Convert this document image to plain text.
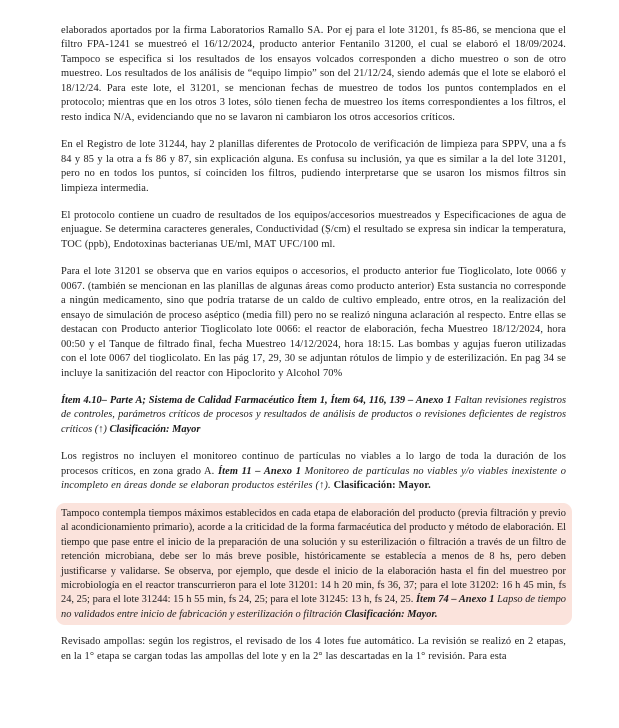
elaborados aportados por la firma Laboratorios Ramallo SA. Por ej para el lote 31201, fs 85-86, se menciona que el filtro FPA-1241 se muestreó el 16/12/2024, producto anterior Fentanilo 31200, el cual se elaboró el 18/09/2024. Tampoco se especifica si los resultados de los ensayos volcados corresponden a dicho muestreo o son de otro muestreo. Los resultados de los análisis de “equipo limpio” son del 21/12/24, siendo además que el lote se elaboró el 18/12/24. Para este lote, el 31201, se mencionan fechas de muestreo de todos los puntos contemplados en el protocolo; mientras que en los otros 3 lotes, sólo tienen fecha de muestreo los ítems correspondientes a los filtros, el resto indica N/A, evidenciando que no se lavaron ni cambiaron los otros accesorios críticos.

En el Registro de lote 31244, hay 2 planillas diferentes de Protocolo de verificación de limpieza para SPPV, una a fs 84 y 85 y la otra a fs 86 y 87, sin explicación alguna. Es confusa su inclusión, ya que es similar a la del lote 31201, pero no en todos los puntos, sí coinciden los filtros, pudiendo interpretarse que se usaron los mismos filtros sin limpieza intermedia.

El protocolo contiene un cuadro de resultados de los equipos/accesorios muestreados y Especificaciones de agua de enjuague. Se determina caracteres generales, Conductividad (Ṣ/cm) el resultado se expresa sin indicar la temperatura, TOC (ppb), Endotoxinas bacterianas UE/ml, MAT UFC/100 ml.

Para el lote 31201 se observa que en varios equipos o accesorios, el producto anterior fue Tioglicolato, lote 0066 y 0067. (también se mencionan en las planillas de algunas áreas como producto anterior) Esta sustancia no corresponde a ningún medicamento, sino que podría tratarse de un caldo de cultivo empleado, entre otros, en la realización del ensayo de simulación de proceso aséptico (media fill) pero no se realizó ninguna aclaración al respecto. Entre ellas se destacan con Producto anterior Tioglicolato lote 0066: el reactor de elaboración, fecha Muestreo 18/12/2024, hora 00:50 y el Tanque de filtrado final, fecha Muestreo 14/12/2024, hora 18:15. Las bombas y agujas fueron utilizadas con el lote 0067 del tioglicolato. En las pág 17, 29, 30 se adjuntan rótulos de limpio y de esterilización. En pag 34 se incluye la sanitización del reactor con Hipoclorito y Alcohol 70%

Ítem 4.10– Parte A; Sistema de Calidad Farmacéutico Ítem 1, Ítem 64, 116, 139 – Anexo 1 Faltan revisiones registros de controles, parámetros críticos de procesos y resultados de análisis de productos o revisiones deficientes de registros críticos (↑) Clasificación: Mayor

Los registros no incluyen el monitoreo continuo de partículas no viables a lo largo de toda la duración de los procesos críticos, en zona grado A. Ítem 11 – Anexo 1 Monitoreo de partículas no viables y/o viables inexistente o incompleto en áreas donde se elaboran productos estériles (↑). Clasificación: Mayor.

Tampoco contempla tiempos máximos establecidos en cada etapa de elaboración del producto (previa filtración y previo al acondicionamiento primario), acorde a la criticidad de la forma farmacéutica del producto y método de elaboración. El tiempo que pase entre el inicio de la preparación de una solución y su esterilización o filtración a través de un filtro de retención microbiana, debe ser lo más breve posible, históricamente se establecía a menos de 8 hs, pero deben justificarse y validarse. Se observa, por ejemplo, que desde el inicio de la elaboración hasta el fin del muestreo por microbiología en el reactor transcurrieron para el lote 31201: 14 h 20 min, fs 36, 37; para el lote 31202: 16 h 45 min, fs 24, 25; para el lote 31244: 15 h 55 min, fs 24, 25; para el lote 31245: 13 h, fs 24, 25. Ítem 74 – Anexo 1 Lapso de tiempo no validados entre inicio de fabricación y esterilización o filtración Clasificación: Mayor.

Revisado ampollas: según los registros, el revisado de los 4 lotes fue automático. La revisión se realizó en 2 etapas, en la 1° etapa se cargan todas las ampollas del lote y en la 2° las descartadas en la 1° revisión. Para esta
